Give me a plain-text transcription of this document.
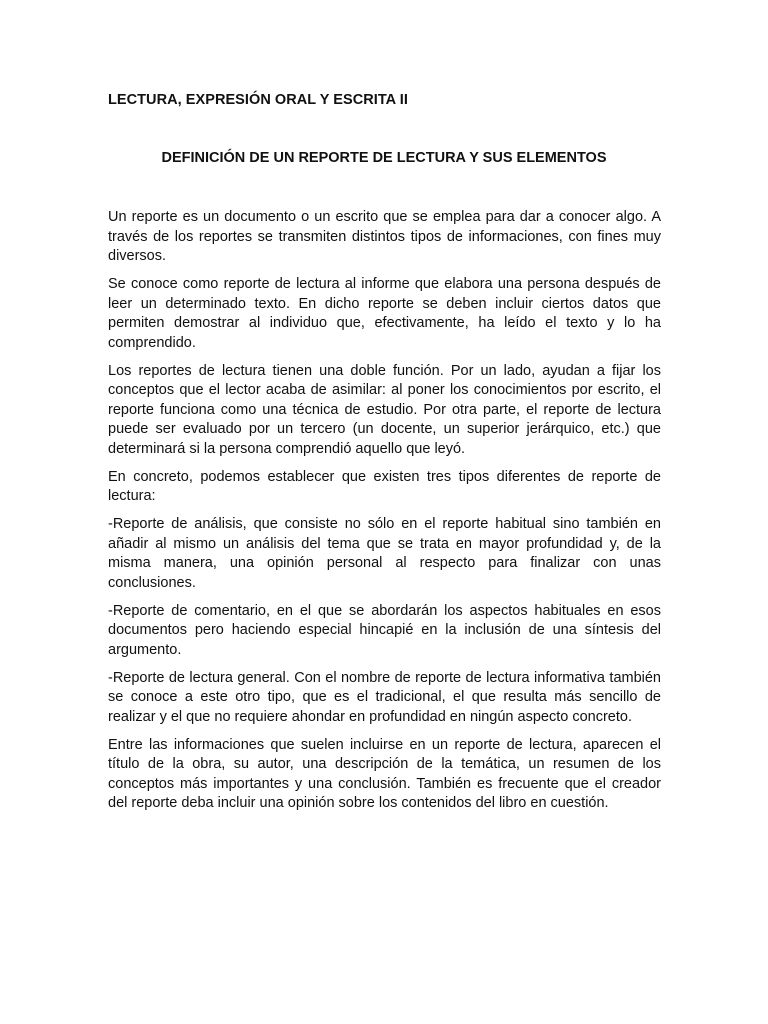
LECTURA, EXPRESIÓN ORAL Y ESCRITA II
DEFINICIÓN DE UN REPORTE DE LECTURA Y SUS ELEMENTOS

Un reporte es un documento o un escrito que se emplea para dar a conocer algo. A través de los reportes se transmiten distintos tipos de informaciones, con fines muy diversos.

Se conoce como reporte de lectura al informe que elabora una persona después de leer un determinado texto. En dicho reporte se deben incluir ciertos datos que permiten demostrar al individuo que, efectivamente, ha leído el texto y lo ha comprendido.

Los reportes de lectura tienen una doble función. Por un lado, ayudan a fijar los conceptos que el lector acaba de asimilar: al poner los conocimientos por escrito, el reporte funciona como una técnica de estudio. Por otra parte, el reporte de lectura puede ser evaluado por un tercero (un docente, un superior jerárquico, etc.) que determinará si la persona comprendió aquello que leyó.

En concreto, podemos establecer que existen tres tipos diferentes de reporte de lectura:

-Reporte de análisis, que consiste no sólo en el reporte habitual sino también en añadir al mismo un análisis del tema que se trata en mayor profundidad y, de la misma manera, una opinión personal al respecto para finalizar con unas conclusiones.

-Reporte de comentario, en el que se abordarán los aspectos habituales en esos documentos pero haciendo especial hincapié en la inclusión de una síntesis del argumento.

-Reporte de lectura general. Con el nombre de reporte de lectura informativa también se conoce a este otro tipo, que es el tradicional, el que resulta más sencillo de realizar y el que no requiere ahondar en profundidad en ningún aspecto concreto.

Entre las informaciones que suelen incluirse en un reporte de lectura, aparecen el título de la obra, su autor, una descripción de la temática, un resumen de los conceptos más importantes y una conclusión. También es frecuente que el creador del reporte deba incluir una opinión sobre los contenidos del libro en cuestión.
